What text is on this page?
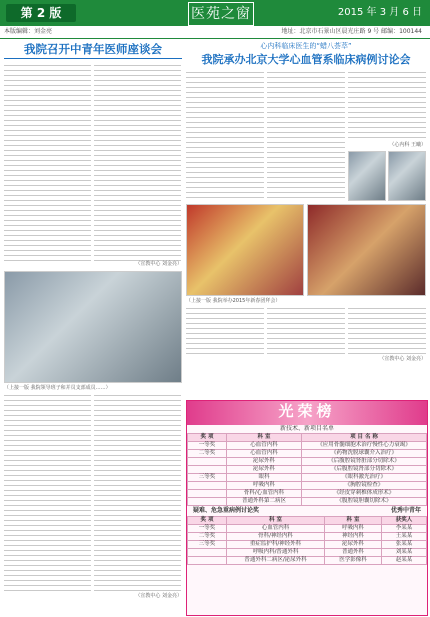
第 2 版	医苑之窗	2015 年 3 月 6 日
本版编辑：刘金亮	地址：北京市石景山区晨光庄路 9 号 邮编：100144
我院召开中青年医师座谈会
（宣教中心 刘金亮）
（上接一版 我院领导班子和并员支部成员……）
（宣教中心 刘金亮）
心内科临床医生的“蜡八荟萃”
我院承办北京大学心血管系临床病例讨论会
（心内科 王曦）
（上接一版 我院举办2015年新春团拜会）
（宣教中心 刘金亮）
光荣榜
新技术、新项目名单
奖 项	科 室	项 目 名 称
一等奖	心血管内科	《应用骨髓细胞术治疗慢性心力衰竭》
二等奖	心血管内科	《药物洗脱球囊介入治疗》
	泌尿外科	《后腹腔镜肾脏部分切除术》
	泌尿外科	《后腹腔镜肾部分切除术》
三等奖	眼科	《眼科激光治疗》
	呼吸内科	《胸腔镜检查》
	骨科/心血管内科	《经皮穿刺椎体成形术》
	普通外科第二病区	《腹腔镜胆囊切除术》
疑难、危急重病例讨论奖	优秀中青年
奖 项	科 室	科 室	获奖人
一等奖	心血管内科	呼吸内科	李某某
二等奖	骨科/神经内科	神经内科	王某某
三等奖	重症监护科/神经外科	泌尿外科	张某某
	呼吸内科/普通外科	普通外科	刘某某
	普通外科二病区/泌尿外科	医学影像科	赵某某
